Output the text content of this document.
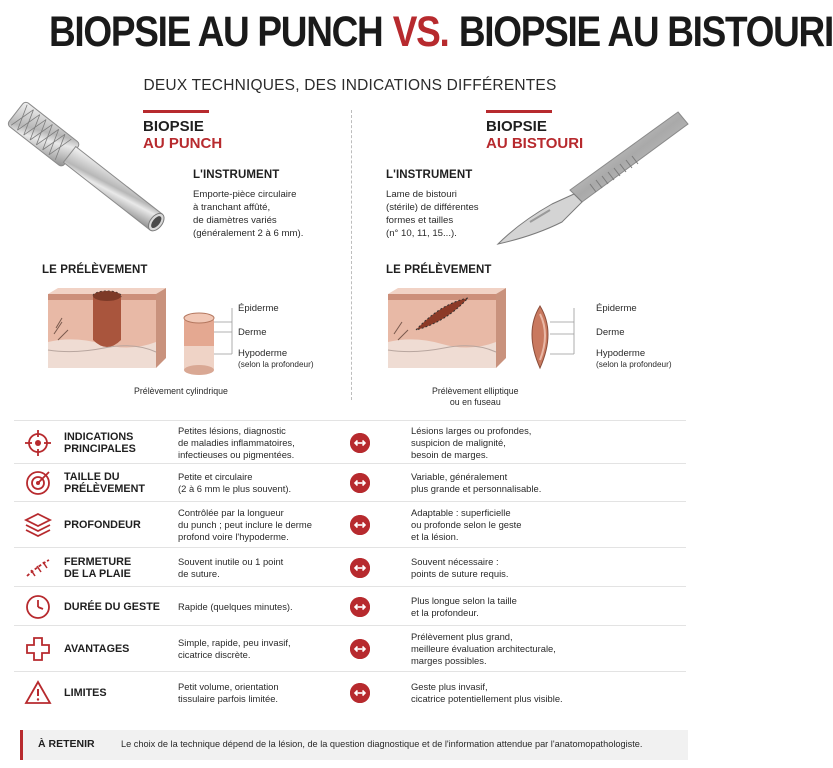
BIOPSIE AU PUNCH VS. BIOPSIE AU BISTOURI
DEUX TECHNIQUES, DES INDICATIONS DIFFÉRENTES
BIOPSIE
AU PUNCH
L'INSTRUMENT
Emporte-pièce circulaire
à tranchant affûté,
de diamètres variés
(généralement 2 à 6 mm).
LE PRÉLÈVEMENT
Épiderme
Derme
Hypoderme
(selon la profondeur)
Prélèvement cylindrique
BIOPSIE
AU BISTOURI
L'INSTRUMENT
Lame de bistouri
(stérile) de différentes
formes et tailles
(n° 10, 11, 15...).
LE PRÉLÈVEMENT
Épiderme
Derme
Hypoderme
(selon la profondeur)
Prélèvement elliptique
ou en fuseau
INDICATIONS
PRINCIPALES
Petites lésions, diagnostic
de maladies inflammatoires,
infectieuses ou pigmentées.
Lésions larges ou profondes,
suspicion de malignité,
besoin de marges.
TAILLE DU
PRÉLÈVEMENT
Petite et circulaire
(2 à 6 mm le plus souvent).
Variable, généralement
plus grande et personnalisable.
PROFONDEUR
Contrôlée par la longueur
du punch ; peut inclure le derme
profond voire l'hypoderme.
Adaptable : superficielle
ou profonde selon le geste
et la lésion.
FERMETURE
DE LA PLAIE
Souvent inutile ou 1 point
de suture.
Souvent nécessaire :
points de suture requis.
DURÉE DU GESTE Rapide (quelques minutes).
Plus longue selon la taille
et la profondeur.
AVANTAGES
Simple, rapide, peu invasif,
cicatrice discrète.
Prélèvement plus grand,
meilleure évaluation architecturale,
marges possibles.
LIMITES
Petit volume, orientation
tissulaire parfois limitée.
Geste plus invasif,
cicatrice potentiellement plus visible.
À RETENIR	Le choix de la technique dépend de la lésion, de la question diagnostique et de l'information attendue par l'anatomopathologiste.
